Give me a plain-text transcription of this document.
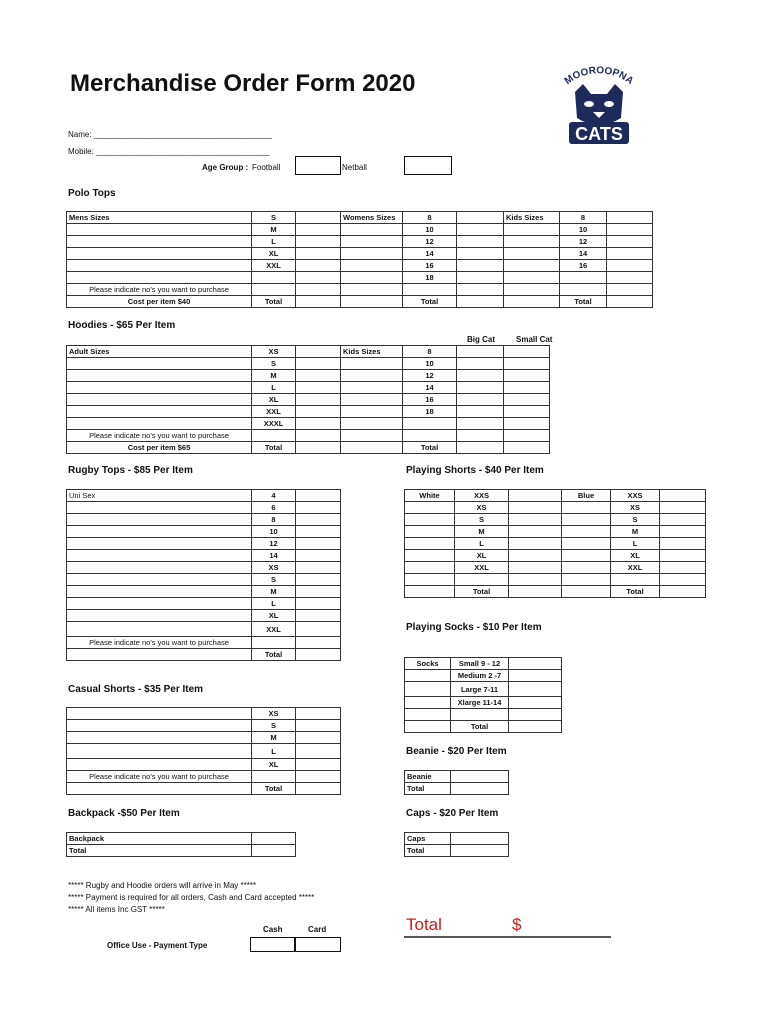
Merchandise Order Form 2020	MOOROOPNA
CATS
Name: ________________________________________
Mobile: _______________________________________
Age Group : Football	Netball
Polo Tops
Mens Sizes	S		Womens Sizes	8		Kids Sizes	8	
	M			10			10	
	L			12			12	
	XL			14			14	
	XXL			16			16	
				18				
Please indicate no's you want to purchase								
Cost per item $40	Total			Total			Total	
Hoodies - $65 Per Item
Big Cat	Small Cat
Adult Sizes	XS		Kids Sizes	8		
	S			10		
	M			12		
	L			14		
	XL			16		
	XXL			18		
	XXXL					
Please indicate no's you want to purchase						
Cost per item $65	Total			Total		
Rugby Tops - $85 Per Item
Uni Sex	4	
	6	
	8	
	10	
	12	
	14	
	XS	
	S	
	M	
	L	
	XL	
	XXL	
Please indicate no's you want to purchase		
	Total	
Playing Shorts - $40 Per Item
White	XXS		Blue	XXS	
	XS			XS	
	S			S	
	M			M	
	L			L	
	XL			XL	
	XXL			XXL	

	Total			Total	
Playing Socks - $10 Per Item
Socks	Small 9 - 12	
	Medium 2 -7	
	Large 7-11	
	Xlarge 11-14	

	Total	
Casual Shorts - $35 Per Item
	XS	
	S	
	M	
	L	
	XL	
Please indicate no's you want to purchase		
	Total	
Beanie - $20 Per Item
Beanie	
Total	
Backpack -$50 Per Item
Backpack	
Total	
Caps - $20 Per Item
Caps	
Total	
***** Rugby and Hoodie orders will arrive in May *****
***** Payment is required for all orders, Cash and Card accepted *****
***** All items Inc GST *****
Cash	Card
Office Use - Payment Type
Total	$
